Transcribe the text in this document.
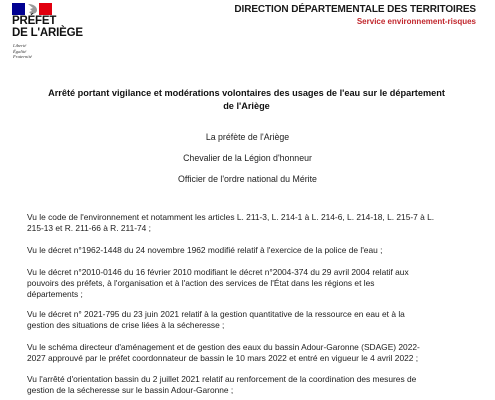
PRÉFET
DE L'ARIÈGE
Liberté
Égalité
Fraternité
DIRECTION DÉPARTEMENTALE DES TERRITOIRES
Service environnement-risques
Arrêté portant vigilance et modérations volontaires des usages de l'eau sur le département
de l'Ariège
La préfète de l'Ariège
Chevalier de la Légion d'honneur
Officier de l'ordre national du Mérite
Vu le code de l'environnement et notamment les articles L. 211-3, L. 214-1 à L. 214-6, L. 214-18, L. 215-7 à L.
215-13 et R. 211-66 à R. 211-74 ;
Vu le décret n°1962-1448 du 24 novembre 1962 modifié relatif à l'exercice de la police de l'eau ;
Vu le décret n°2010-0146 du 16 février 2010 modifiant le décret n°2004-374 du 29 avril 2004 relatif aux
pouvoirs des préfets, à l'organisation et à l'action des services de l'État dans les régions et les
départements ;
Vu le décret n° 2021-795 du 23 juin 2021 relatif à la gestion quantitative de la ressource en eau et à la
gestion des situations de crise liées à la sécheresse ;
Vu le schéma directeur d'aménagement et de gestion des eaux du bassin Adour-Garonne (SDAGE) 2022-
2027 approuvé par le préfet coordonnateur de bassin le 10 mars 2022 et entré en vigueur le 4 avril 2022 ;
Vu l'arrêté d'orientation bassin du 2 juillet 2021 relatif au renforcement de la coordination des mesures de
gestion de la sécheresse sur le bassin Adour-Garonne ;
